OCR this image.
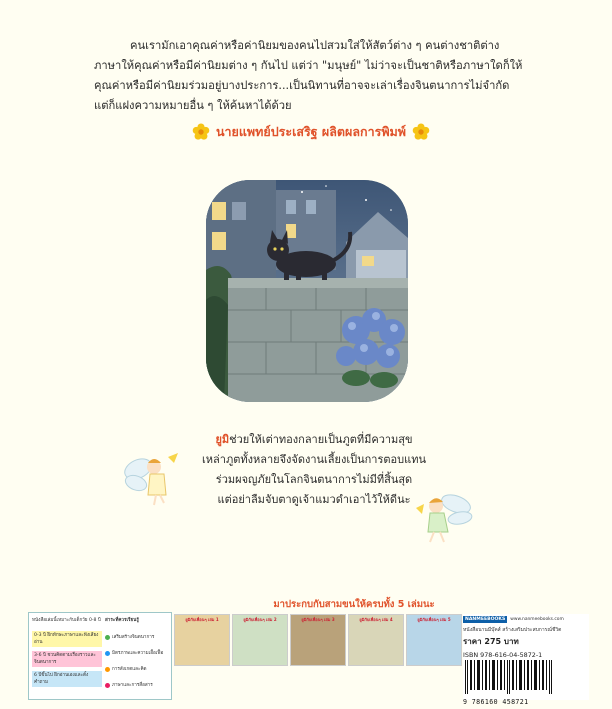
คนเรามักเอาคุณค่าหรือค่านิยมของคนไปสวมใส่ให้สัตว์ต่าง ๆ คนต่างชาติต่างภาษาให้คุณค่าหรือมีค่านิยมต่าง ๆ กันไป แต่ว่า "มนุษย์" ไม่ว่าจะเป็นชาติหรือภาษาใดก็ให้คุณค่าหรือมีค่านิยมร่วมอยู่บางประการ...เป็นนิทานที่อาจจะเล่าเรื่องจินตนาการไม่จำกัด แต่ก็แฝงความหมายอื่น ๆ ให้ค้นหาได้ด้วย

นายแพทย์ประเสริฐ ผลิตผลการพิมพ์

ยูมิช่วยให้เต่าทองกลายเป็นภูตที่มีความสุข

เหล่าภูตทั้งหลายจึงจัดงานเลี้ยงเป็นการตอบแทน

ร่วมผจญภัยในโลกจินตนาการไม่มีที่สิ้นสุด

แต่อย่าลืมจับตาดูเจ้าแมวดำเอาไว้ให้ดีนะ

มาประกบกับสามขนให้ครบทั้ง 5 เล่มนะ
หนังสือเล่มนี้เหมาะกับเด็กวัย 0-8 ปี สาระที่ควรเรียนรู้
0-3 ปี ฝึกทักษะภาษาและฟังเสียงอ่าน
3-6 ปี ชวนคิดตามเรื่องราวและจินตนาการ
6 ปีขึ้นไป ฝึกอ่านเองและตั้งคำถาม
เสริมสร้างจินตนาการ
มิตรภาพและความเอื้อเฟื้อ
การสังเกตและคิด
ภาษาและการสื่อสาร
ยูมิกับเพื่อนๆ เล่ม 1	ยูมิกับเพื่อนๆ เล่ม 2	ยูมิกับเพื่อนๆ เล่ม 3	ยูมิกับเพื่อนๆ เล่ม 4	ยูมิกับเพื่อนๆ เล่ม 5	NANMEEBOOKS	www.nanmeebooks.com
หนังสือนานมีบุ๊คส์ สร้างเสริมประสบการณ์ชีวิต
ราคา 275 บาท
ISBN 978-616-04-5872-1
9 786160 458721
